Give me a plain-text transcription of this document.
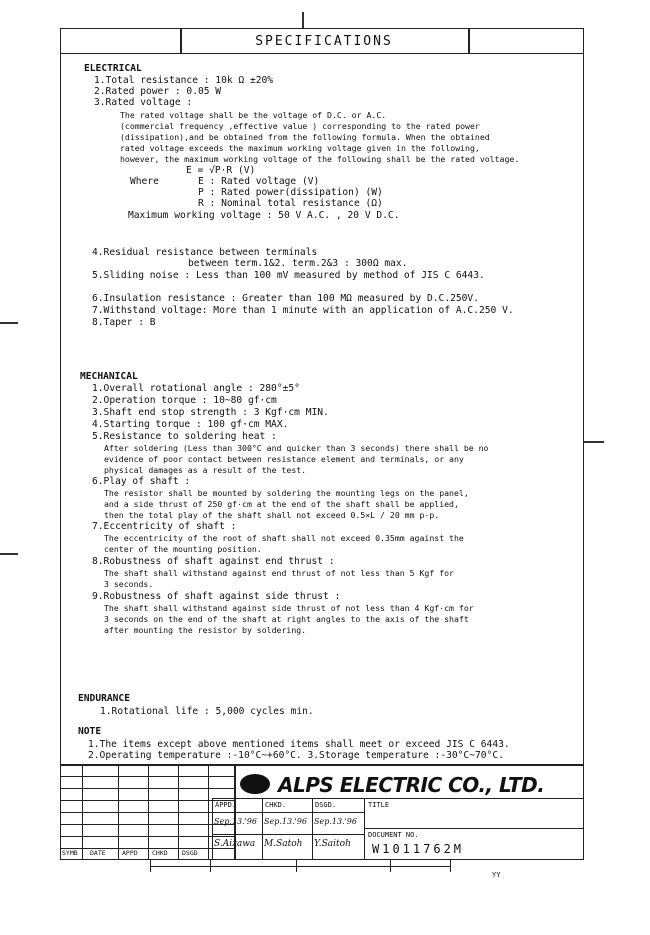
SPECIFICATIONS
ELECTRICAL
1.Total resistance : 10k Ω ±20%
2.Rated power : 0.05 W
3.Rated voltage :
The rated voltage shall be the voltage of D.C. or A.C.
(commercial frequency ,effective value ) corresponding to the rated power
(dissipation),and be obtained from the following formula. When the obtained
rated voltage exceeds the maximum working voltage given in the following,
however, the maximum working voltage of the following shall be the rated voltage.
E = √P·R (V)
Where	E : Rated voltage (V)
P : Rated power(dissipation) (W)
R : Nominal total resistance (Ω)
Maximum working voltage : 50 V A.C. , 20 V D.C.
4.Residual resistance between terminals
between term.1&2. term.2&3 : 300Ω max.
5.Sliding noise : Less than 100 mV measured by method of JIS C 6443.
6.Insulation resistance : Greater than 100 MΩ measured by D.C.250V.
7.Withstand voltage: More than 1 minute with an application of A.C.250 V.
8.Taper : B
MECHANICAL
1.Overall rotational angle : 280°±5°
2.Operation torque : 10~80 gf·cm
3.Shaft end stop strength : 3 Kgf·cm MIN.
4.Starting torque : 100 gf·cm MAX.
5.Resistance to soldering heat :
After soldering (Less than 300°C and quicker than 3 seconds) there shall be no
evidence of poor contact between resistance element and terminals, or any
physical damages as a result of the test.
6.Play of shaft :
The resistor shall be mounted by soldering the mounting legs on the panel,
and a side thrust of 250 gf·cm at the end of the shaft shall be applied,
then the total play of the shaft shall not exceed 0.5×L / 20 mm p-p.
7.Eccentricity of shaft :
The eccentricity of the root of shaft shall not exceed 0.35mm against the
center of the mounting position.
8.Robustness of shaft against end thrust :
The shaft shall withstand against end thrust of not less than 5 Kgf for
3 seconds.
9.Robustness of shaft against side thrust :
The shaft shall withstand against side thrust of not less than 4 Kgf·cm for
3 seconds on the end of the shaft at right angles to the axis of the shaft
after mounting the resistor by soldering.
ENDURANCE
1.Rotational life : 5,000 cycles min.
NOTE
1.The items except above mentioned items shall meet or exceed JIS C 6443.
2.Operating temperature :-10°C~+60°C. 3.Storage temperature :-30°C~70°C.
SYMB DATE	APPD CHKD DSGD
ALPS ELECTRIC CO., LTD.
APPD.	CHKD.	DSGD.	TITLE
Sep.13.'96 Sep.13.'96 Sep.13.'96
S.Aizawa M.Satoh Y.Saitoh
DOCUMENT NO.
W1011762M
ΥΥ
